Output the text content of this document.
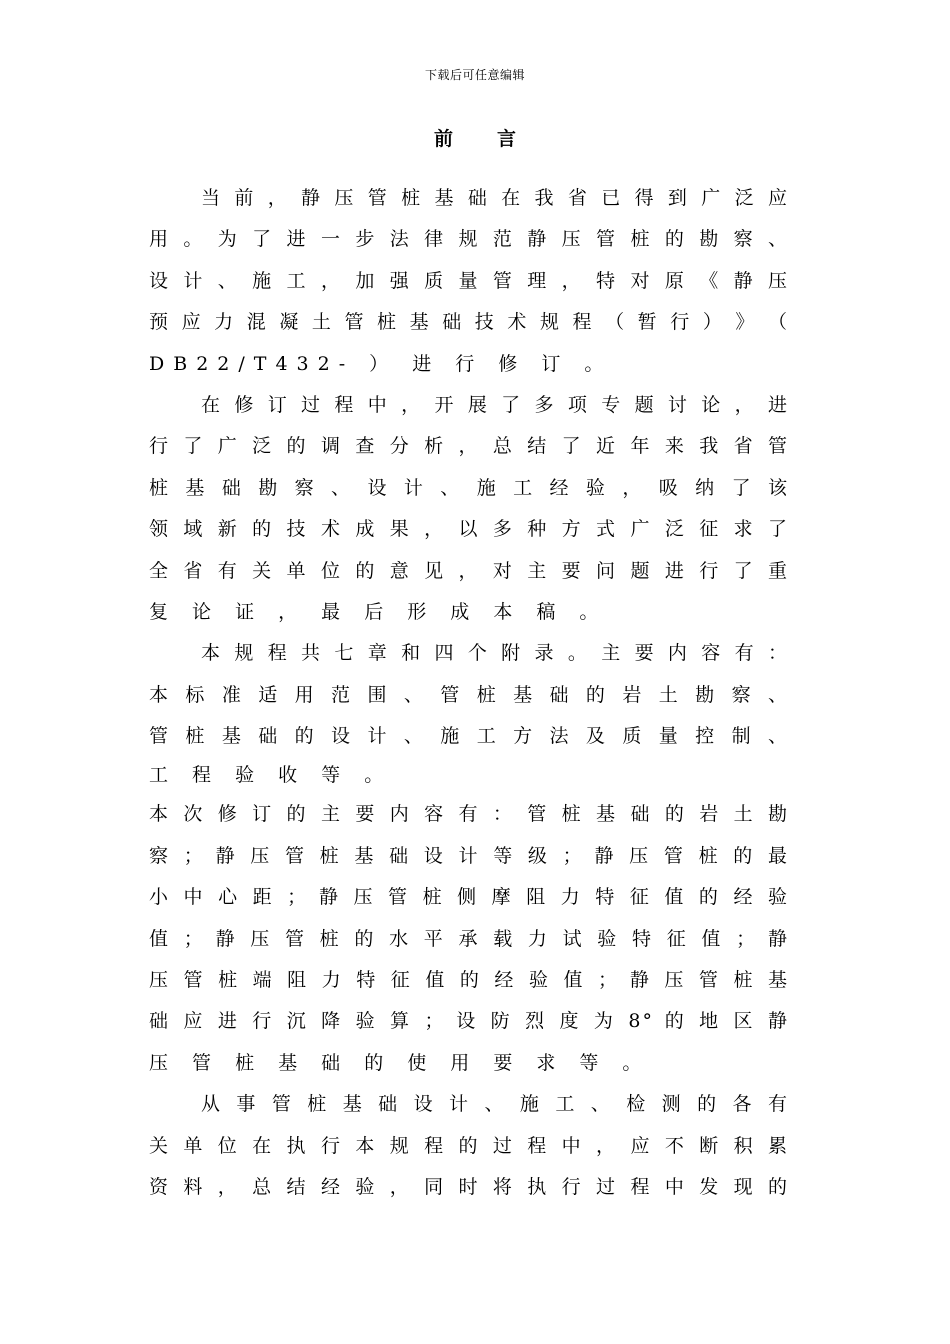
下载后可任意编辑
前 言
当 前 ， 静 压 管 桩 基 础 在 我 省 已 得 到 广 泛 应
用 。 为 了 进 一 步 法 律 规 范 静 压 管 桩 的 勘 察 、
设 计 、 施 工 ， 加 强 质 量 管 理 ， 特 对 原 《 静 压
预 应 力 混 凝 土 管 桩 基 础 技 术 规 程 （ 暂 行 ） 》 （
DB22/T432- ） 进 行 修 订 。
在 修 订 过 程 中 ， 开 展 了 多 项 专 题 讨 论 ， 进
行 了 广 泛 的 调 查 分 析 ， 总 结 了 近 年 来 我 省 管
桩 基 础 勘 察 、 设 计 、 施 工 经 验 ， 吸 纳 了 该
领 域 新 的 技 术 成 果 ， 以 多 种 方 式 广 泛 征 求 了
全 省 有 关 单 位 的 意 见 ， 对 主 要 问 题 进 行 了 重
复 论 证 ， 最 后 形 成 本 稿 。
本 规 程 共 七 章 和 四 个 附 录 。 主 要 内 容 有 ：
本 标 准 适 用 范 围 、 管 桩 基 础 的 岩 土 勘 察 、
管 桩 基 础 的 设 计 、 施 工 方 法 及 质 量 控 制 、
工 程 验 收 等 。
本 次 修 订 的 主 要 内 容 有 ： 管 桩 基 础 的 岩 土 勘
察 ； 静 压 管 桩 基 础 设 计 等 级 ； 静 压 管 桩 的 最
小 中 心 距 ； 静 压 管 桩 侧 摩 阻 力 特 征 值 的 经 验
值 ； 静 压 管 桩 的 水 平 承 载 力 试 验 特 征 值 ； 静
压 管 桩 端 阻 力 特 征 值 的 经 验 值 ； 静 压 管 桩 基
础 应 进 行 沉 降 验 算 ； 设 防 烈 度 为 8° 的 地 区 静
压 管 桩 基 础 的 使 用 要 求 等 。
从 事 管 桩 基 础 设 计 、 施 工 、 检 测 的 各 有
关 单 位 在 执 行 本 规 程 的 过 程 中 ， 应 不 断 积 累
资 料 ， 总 结 经 验 ， 同 时 将 执 行 过 程 中 发 现 的
